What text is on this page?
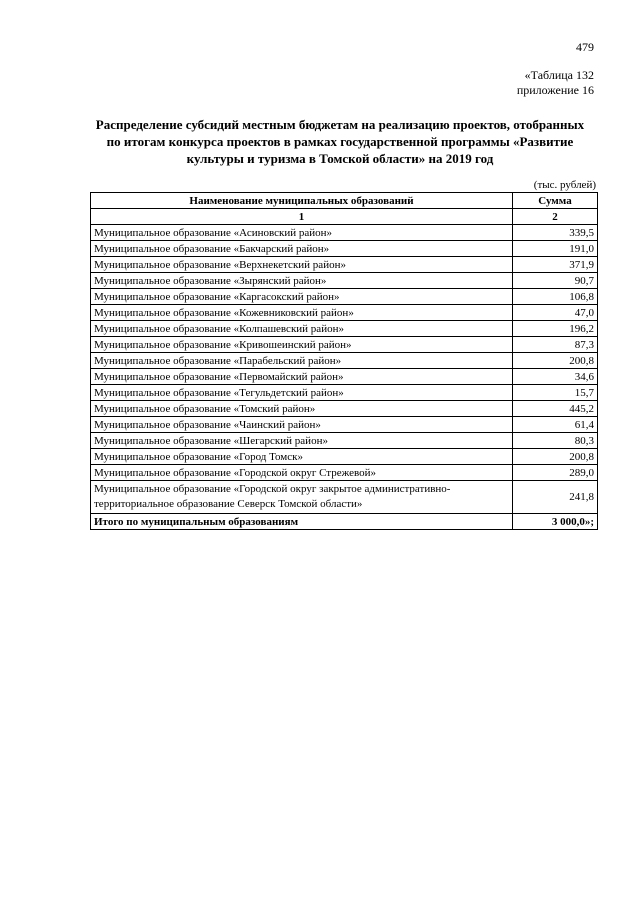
479
«Таблица 132
приложение 16
Распределение субсидий местным бюджетам на реализацию проектов, отобранных по итогам конкурса проектов в рамках государственной программы «Развитие культуры и туризма в Томской области» на 2019 год
(тыс. рублей)
Наименование муниципальных образований	Сумма
1	2
Муниципальное образование «Асиновский район»	339,5
Муниципальное образование «Бакчарский район»	191,0
Муниципальное образование «Верхнекетский район»	371,9
Муниципальное образование «Зырянский район»	90,7
Муниципальное образование «Каргасокский район»	106,8
Муниципальное образование «Кожевниковский район»	47,0
Муниципальное образование «Колпашевский район»	196,2
Муниципальное образование «Кривошеинский район»	87,3
Муниципальное образование «Парабельский район»	200,8
Муниципальное образование «Первомайский район»	34,6
Муниципальное образование «Тегульдетский район»	15,7
Муниципальное образование «Томский район»	445,2
Муниципальное образование «Чаинский район»	61,4
Муниципальное образование «Шегарский район»	80,3
Муниципальное образование «Город Томск»	200,8
Муниципальное образование «Городской округ Стрежевой»	289,0
Муниципальное образование «Городской округ закрытое административно-территориальное образование Северск Томской области»	241,8
Итого по муниципальным образованиям	3 000,0»;
